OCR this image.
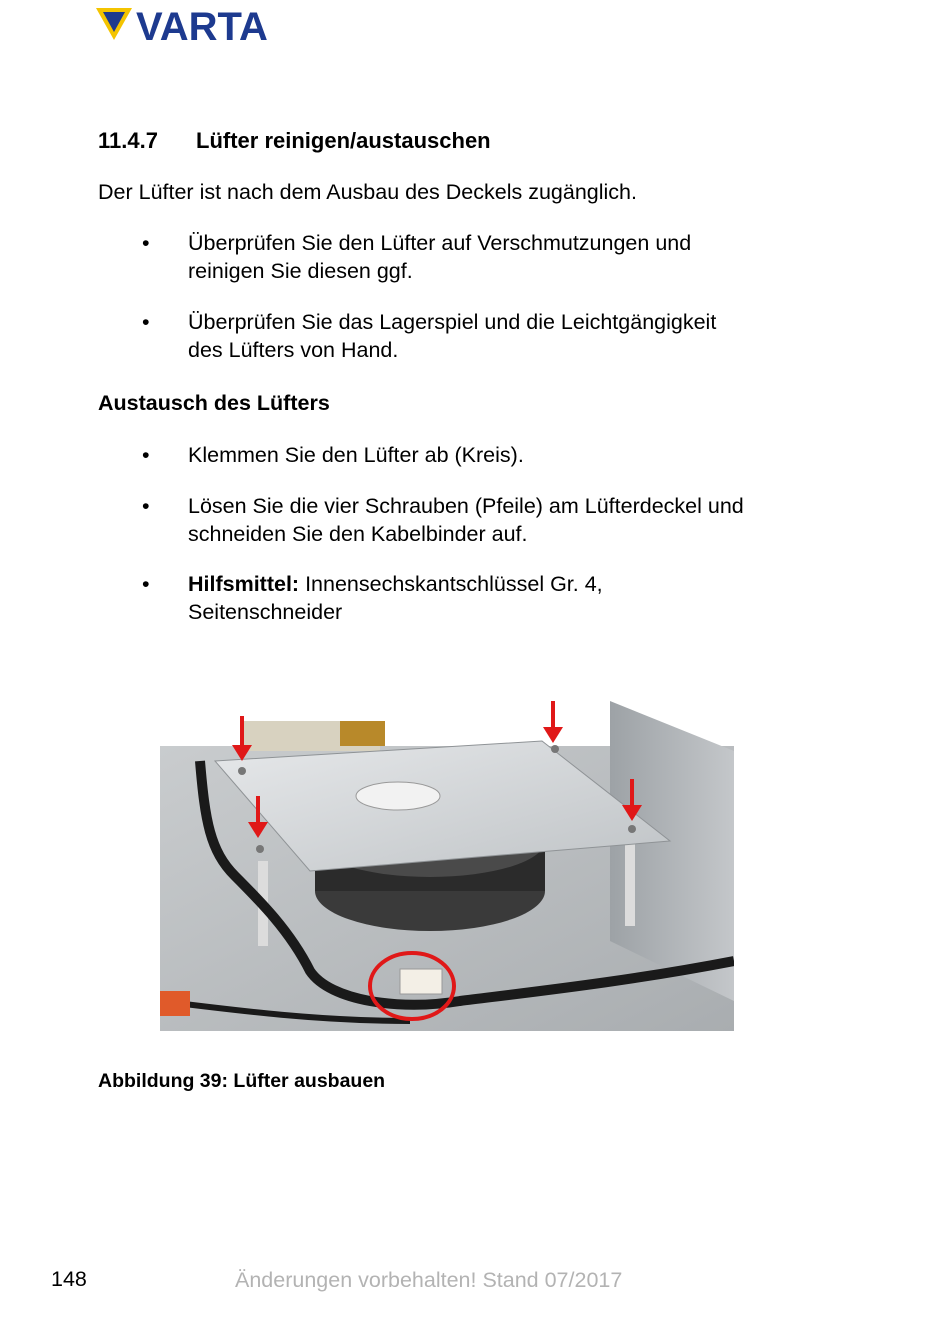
VARTA
11.4.7 Lüfter reinigen/austauschen

Der Lüfter ist nach dem Ausbau des Deckels zugänglich.

•	Überprüfen Sie den Lüfter auf Verschmutzungen und
reinigen Sie diesen ggf.
•	Überprüfen Sie das Lagerspiel und die Leichtgängigkeit
des Lüfters von Hand.
Austausch des Lüfters
•	Klemmen Sie den Lüfter ab (Kreis).
•	Lösen Sie die vier Schrauben (Pfeile) am Lüfterdeckel und
schneiden Sie den Kabelbinder auf.
•	Hilfsmittel: Innensechskantschlüssel Gr. 4,
Seitenschneider

Abbildung 39: Lüfter ausbauen

148	Änderungen vorbehalten! Stand 07/2017
